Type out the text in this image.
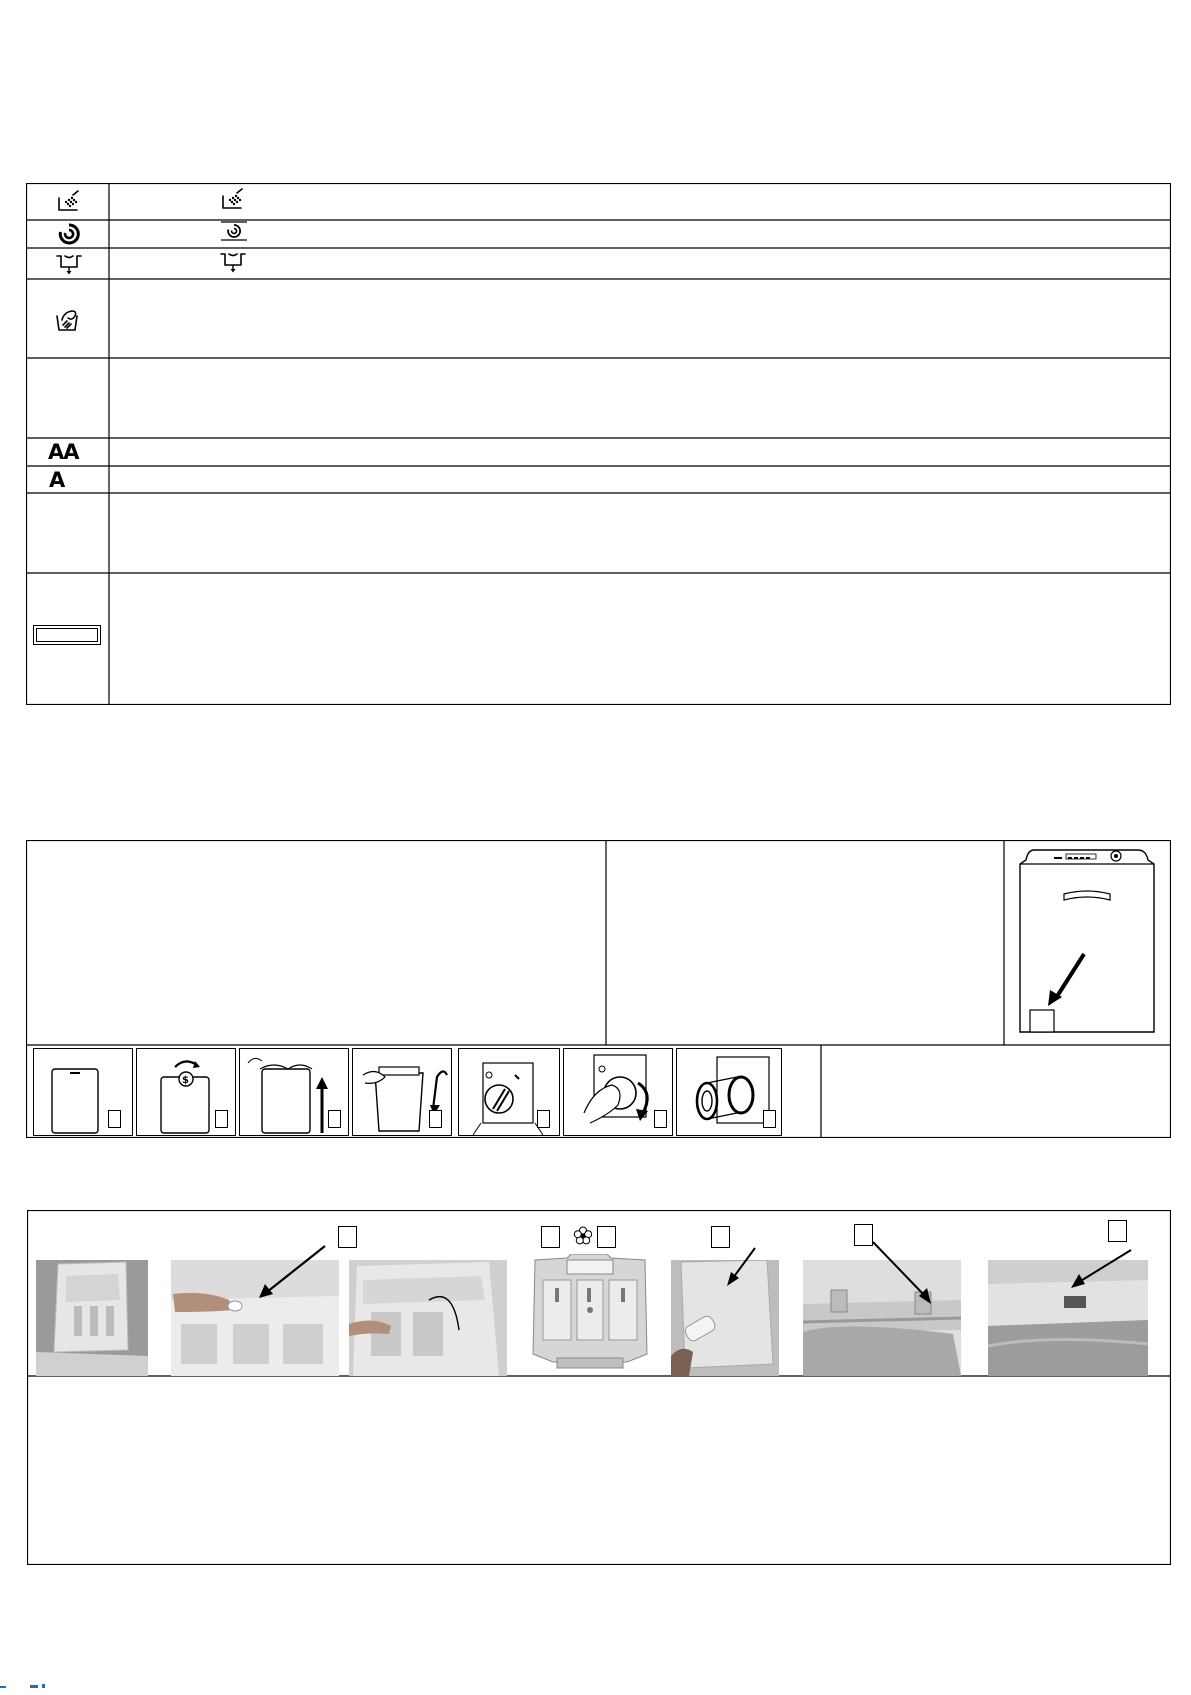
AA
A
$
